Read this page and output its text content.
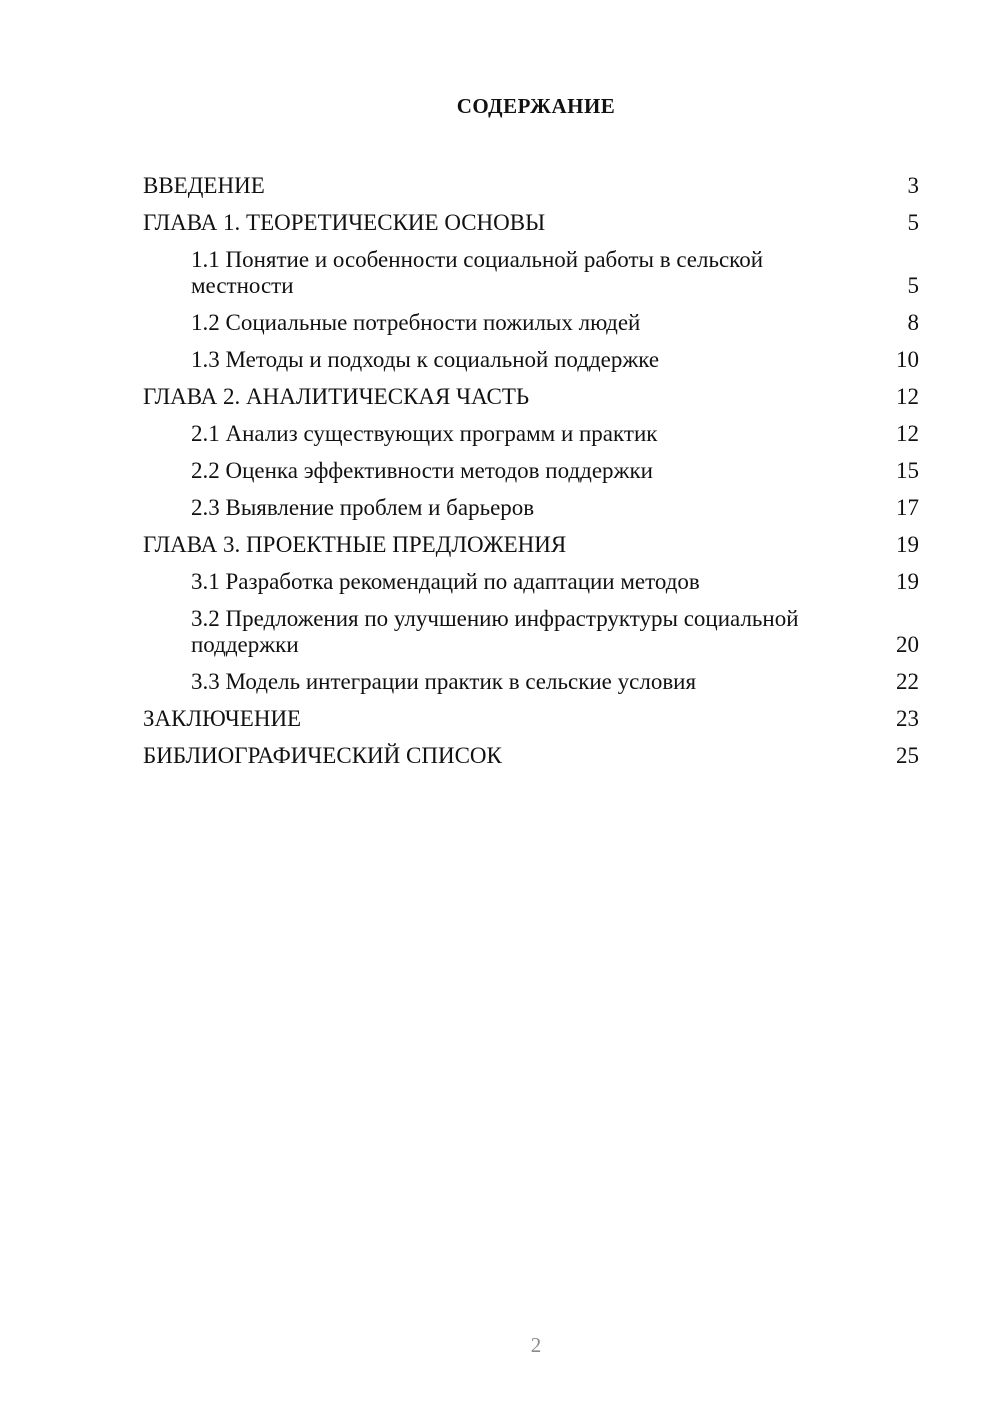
СОДЕРЖАНИЕ
ВВЕДЕНИЕ	3
ГЛАВА 1. ТЕОРЕТИЧЕСКИЕ ОСНОВЫ	5
1.1 Понятие и особенности социальной работы в сельской местности	5
1.2 Социальные потребности пожилых людей	8
1.3 Методы и подходы к социальной поддержке	10
ГЛАВА 2. АНАЛИТИЧЕСКАЯ ЧАСТЬ	12
2.1 Анализ существующих программ и практик	12
2.2 Оценка эффективности методов поддержки	15
2.3 Выявление проблем и барьеров	17
ГЛАВА 3. ПРОЕКТНЫЕ ПРЕДЛОЖЕНИЯ	19
3.1 Разработка рекомендаций по адаптации методов	19
3.2 Предложения по улучшению инфраструктуры социальной поддержки	20
3.3 Модель интеграции практик в сельские условия	22
ЗАКЛЮЧЕНИЕ	23
БИБЛИОГРАФИЧЕСКИЙ СПИСОК	25
2
